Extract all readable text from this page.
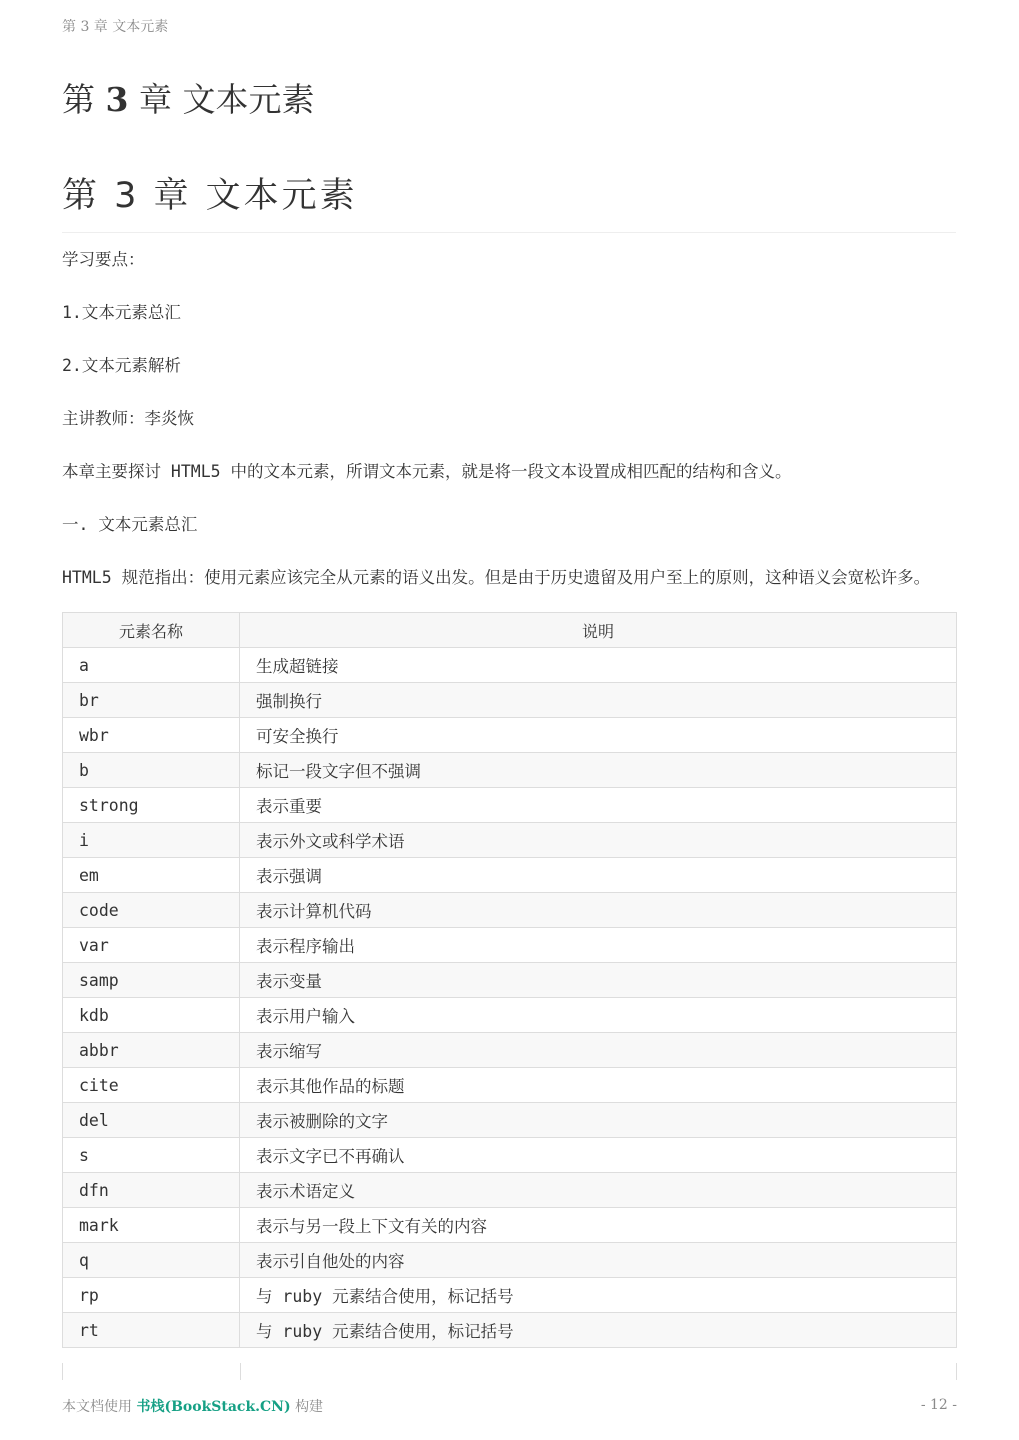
第 3 章 文本元素
第 3 章 文本元素
第 3 章 文本元素

学习要点：

1.文本元素总汇

2.文本元素解析

主讲教师：李炎恢

本章主要探讨 HTML5 中的文本元素，所谓文本元素，就是将一段文本设置成相匹配的结构和含义。

一. 文本元素总汇

HTML5 规范指出：使用元素应该完全从元素的语义出发。但是由于历史遗留及用户至上的原则，这种语义会宽松许多。

元素名称	说明
a	生成超链接
br	强制换行
wbr	可安全换行
b	标记一段文字但不强调
strong	表示重要
i	表示外文或科学术语
em	表示强调
code	表示计算机代码
var	表示程序输出
samp	表示变量
kdb	表示用户输入
abbr	表示缩写
cite	表示其他作品的标题
del	表示被删除的文字
s	表示文字已不再确认
dfn	表示术语定义
mark	表示与另一段上下文有关的内容
q	表示引自他处的内容
rp	与 ruby 元素结合使用，标记括号
rt	与 ruby 元素结合使用，标记括号
本文档使用 书栈(BookStack.CN) 构建	- 12 -
